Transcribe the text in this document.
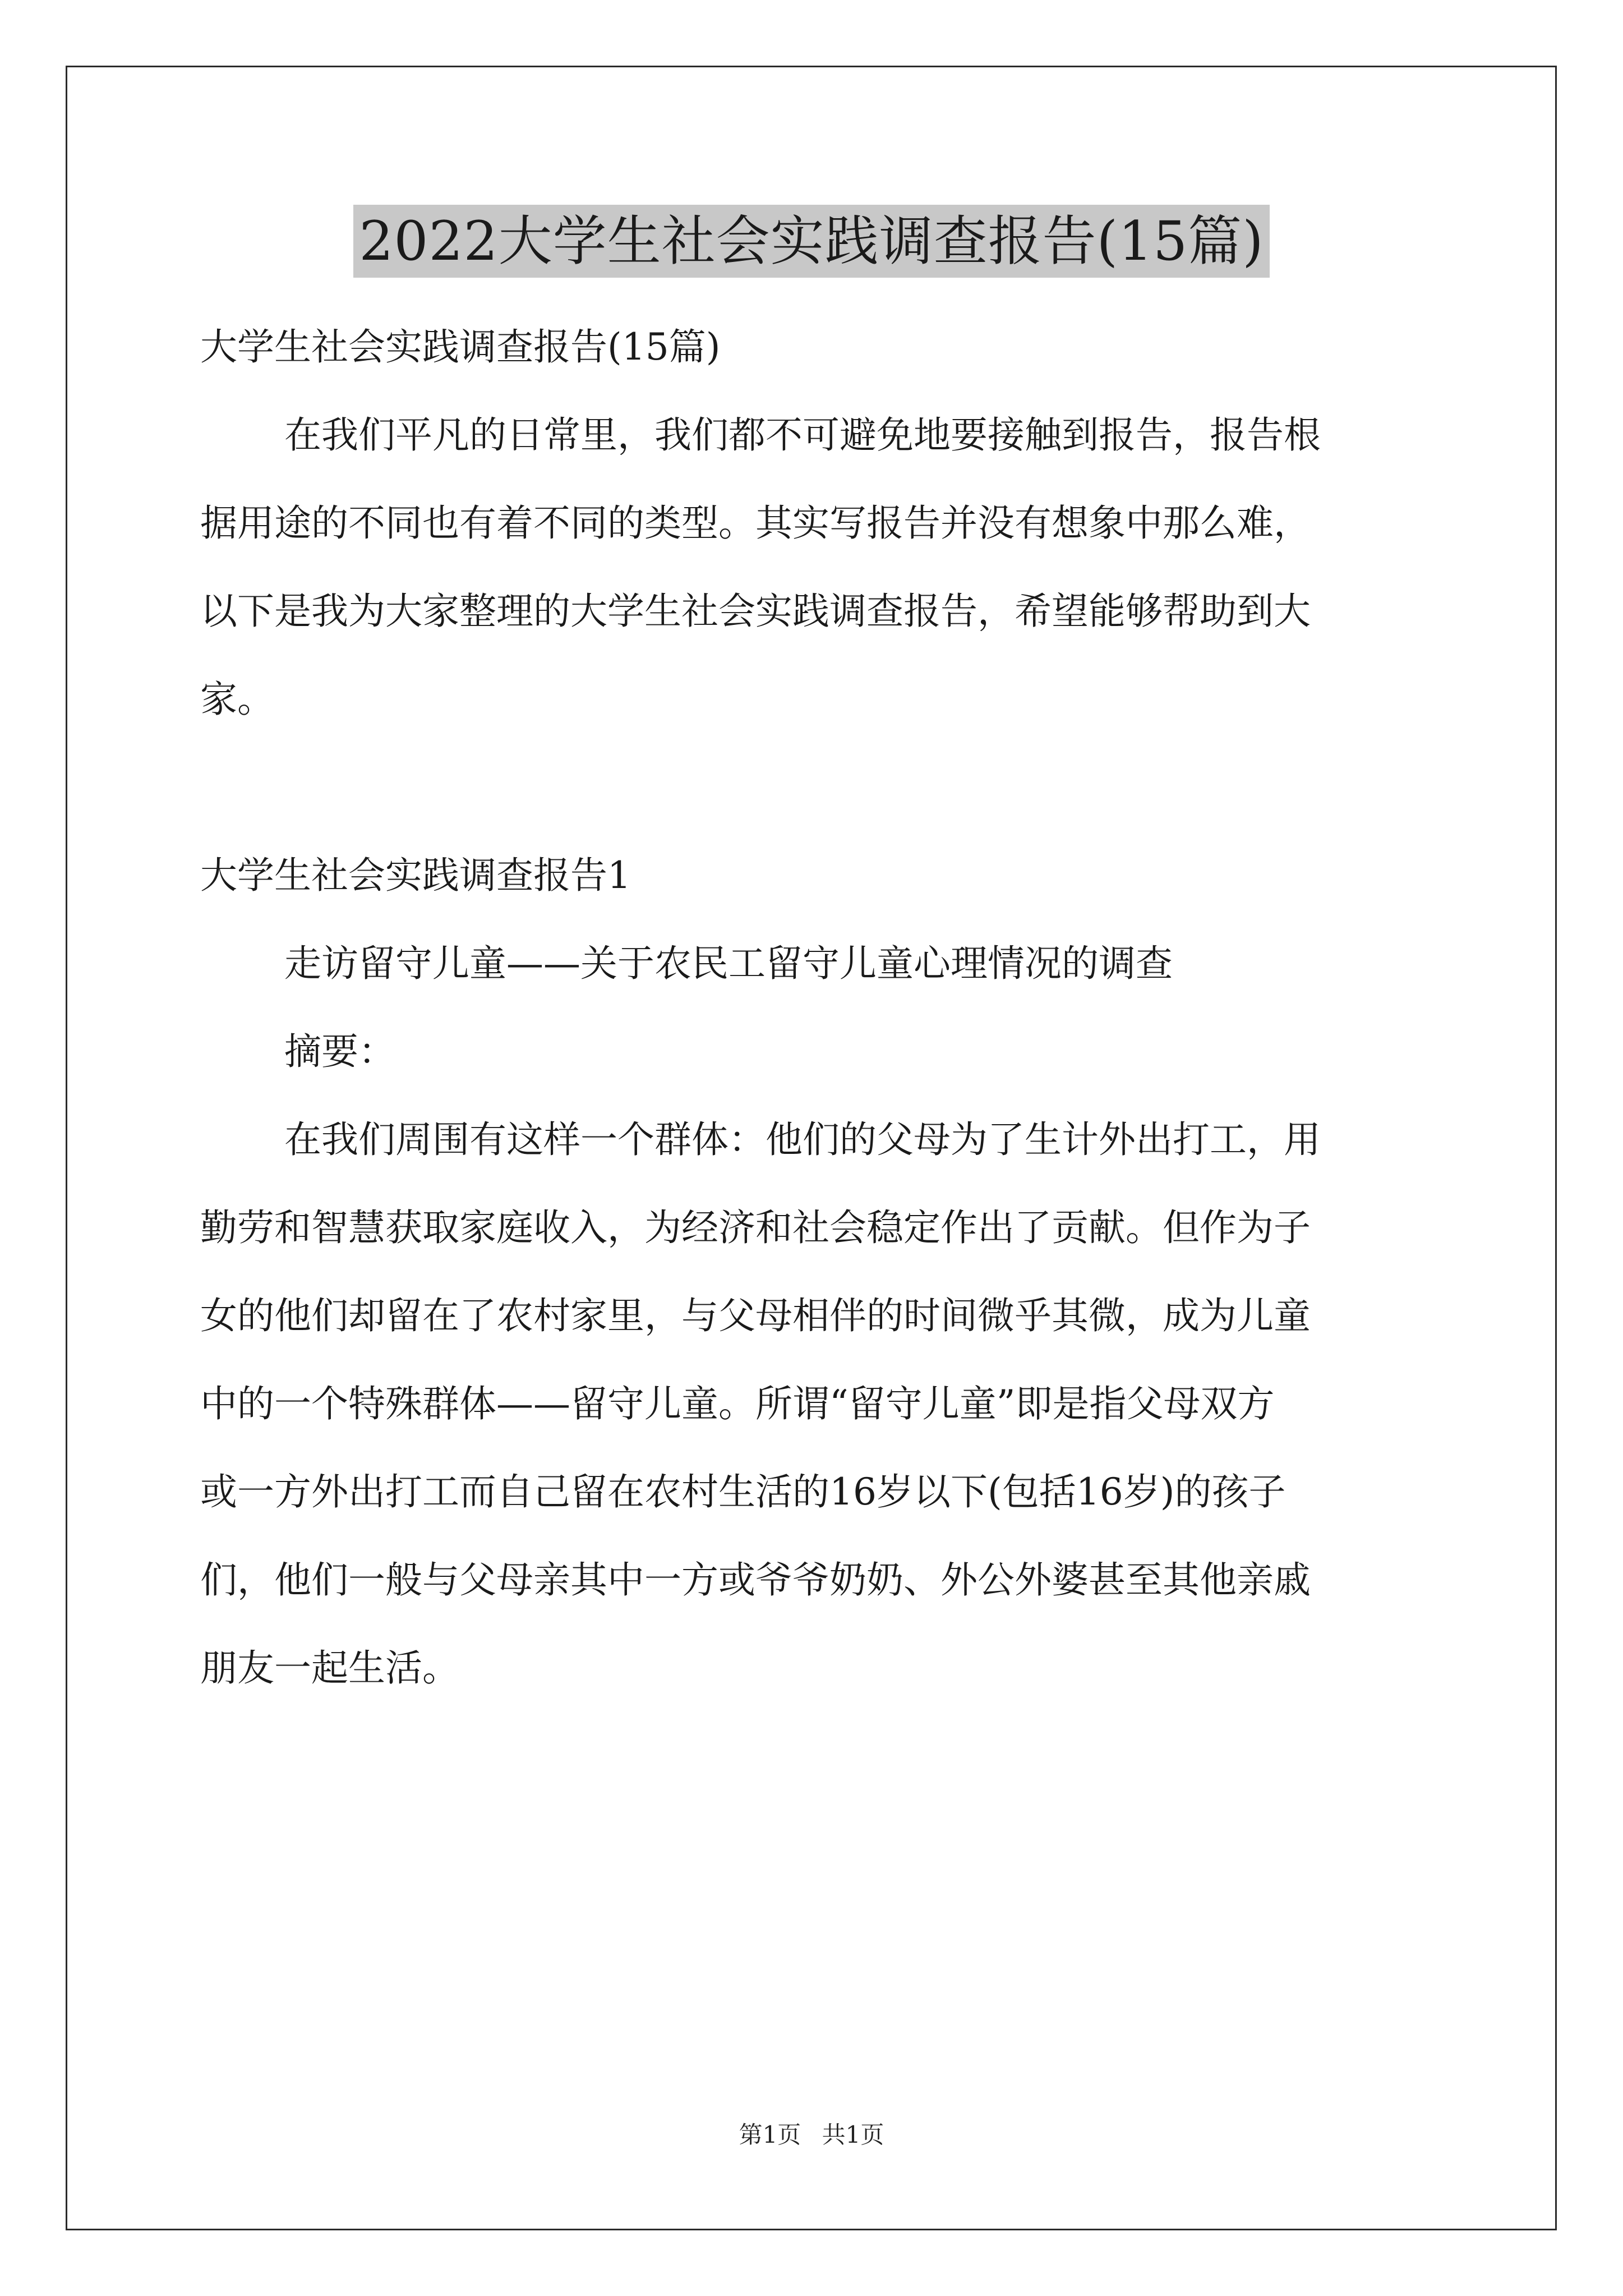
2022大学生社会实践调查报告(15篇)

大学生社会实践调查报告(15篇)

在我们平凡的日常里，我们都不可避免地要接触到报告，报告根

据用途的不同也有着不同的类型。其实写报告并没有想象中那么难，

以下是我为大家整理的大学生社会实践调查报告，希望能够帮助到大

家。

大学生社会实践调查报告1

走访留守儿童——关于农民工留守儿童心理情况的调查

摘要：

在我们周围有这样一个群体：他们的父母为了生计外出打工，用

勤劳和智慧获取家庭收入，为经济和社会稳定作出了贡献。但作为子

女的他们却留在了农村家里，与父母相伴的时间微乎其微，成为儿童

中的一个特殊群体——留守儿童。所谓“留守儿童”即是指父母双方

或一方外出打工而自己留在农村生活的16岁以下(包括16岁)的孩子

们，他们一般与父母亲其中一方或爷爷奶奶、外公外婆甚至其他亲戚

朋友一起生活。

第1页 共1页
